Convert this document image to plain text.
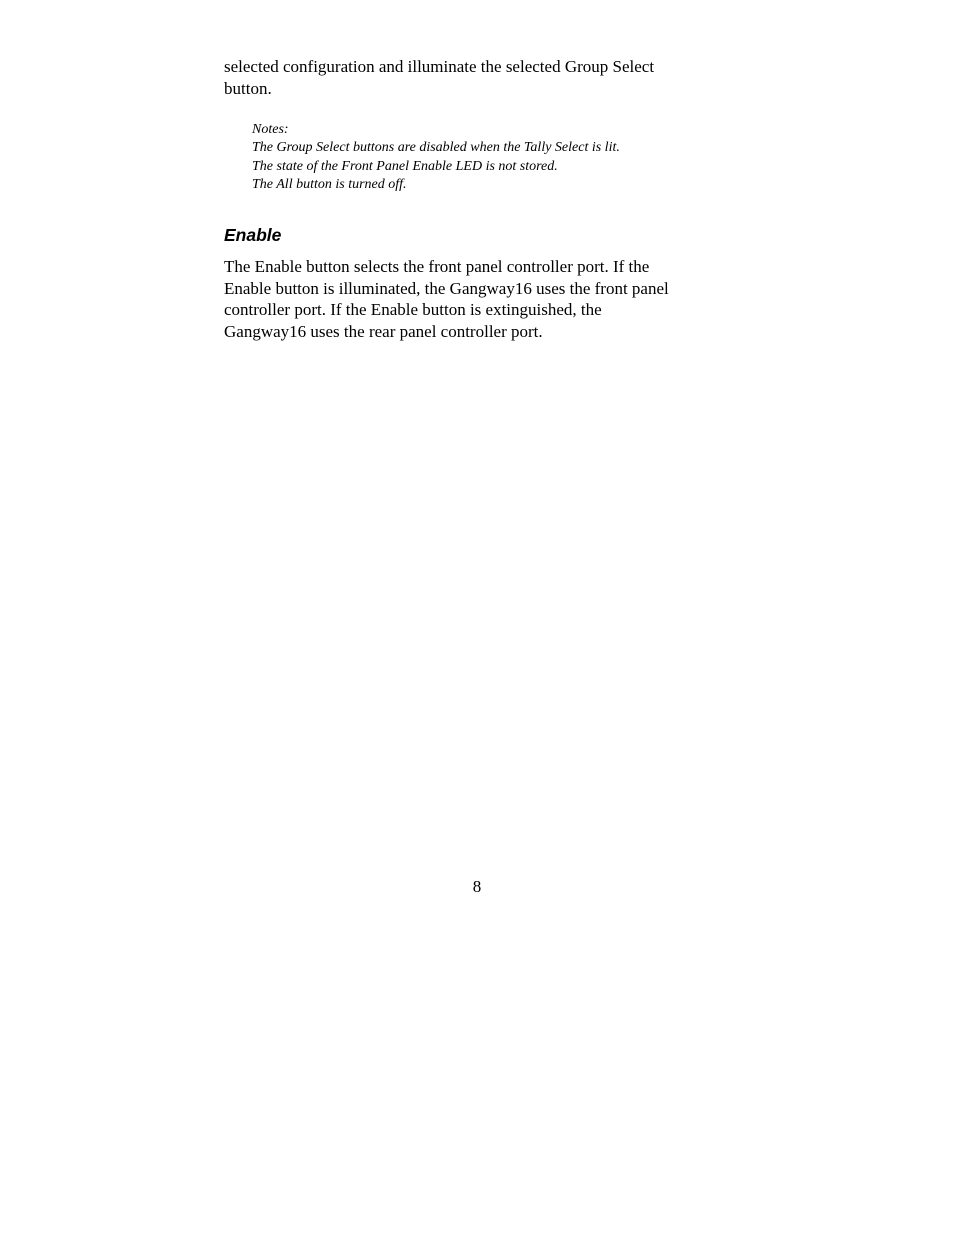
selected configuration and illuminate the selected Group Select
button.

Notes:
The Group Select buttons are disabled when the Tally Select is lit.
The state of the Front Panel Enable LED is not stored.
The All button is turned off.
Enable

The Enable button selects the front panel controller port. If the
Enable button is illuminated, the Gangway16 uses the front panel
controller port. If the Enable button is extinguished, the
Gangway16 uses the rear panel controller port.

8
